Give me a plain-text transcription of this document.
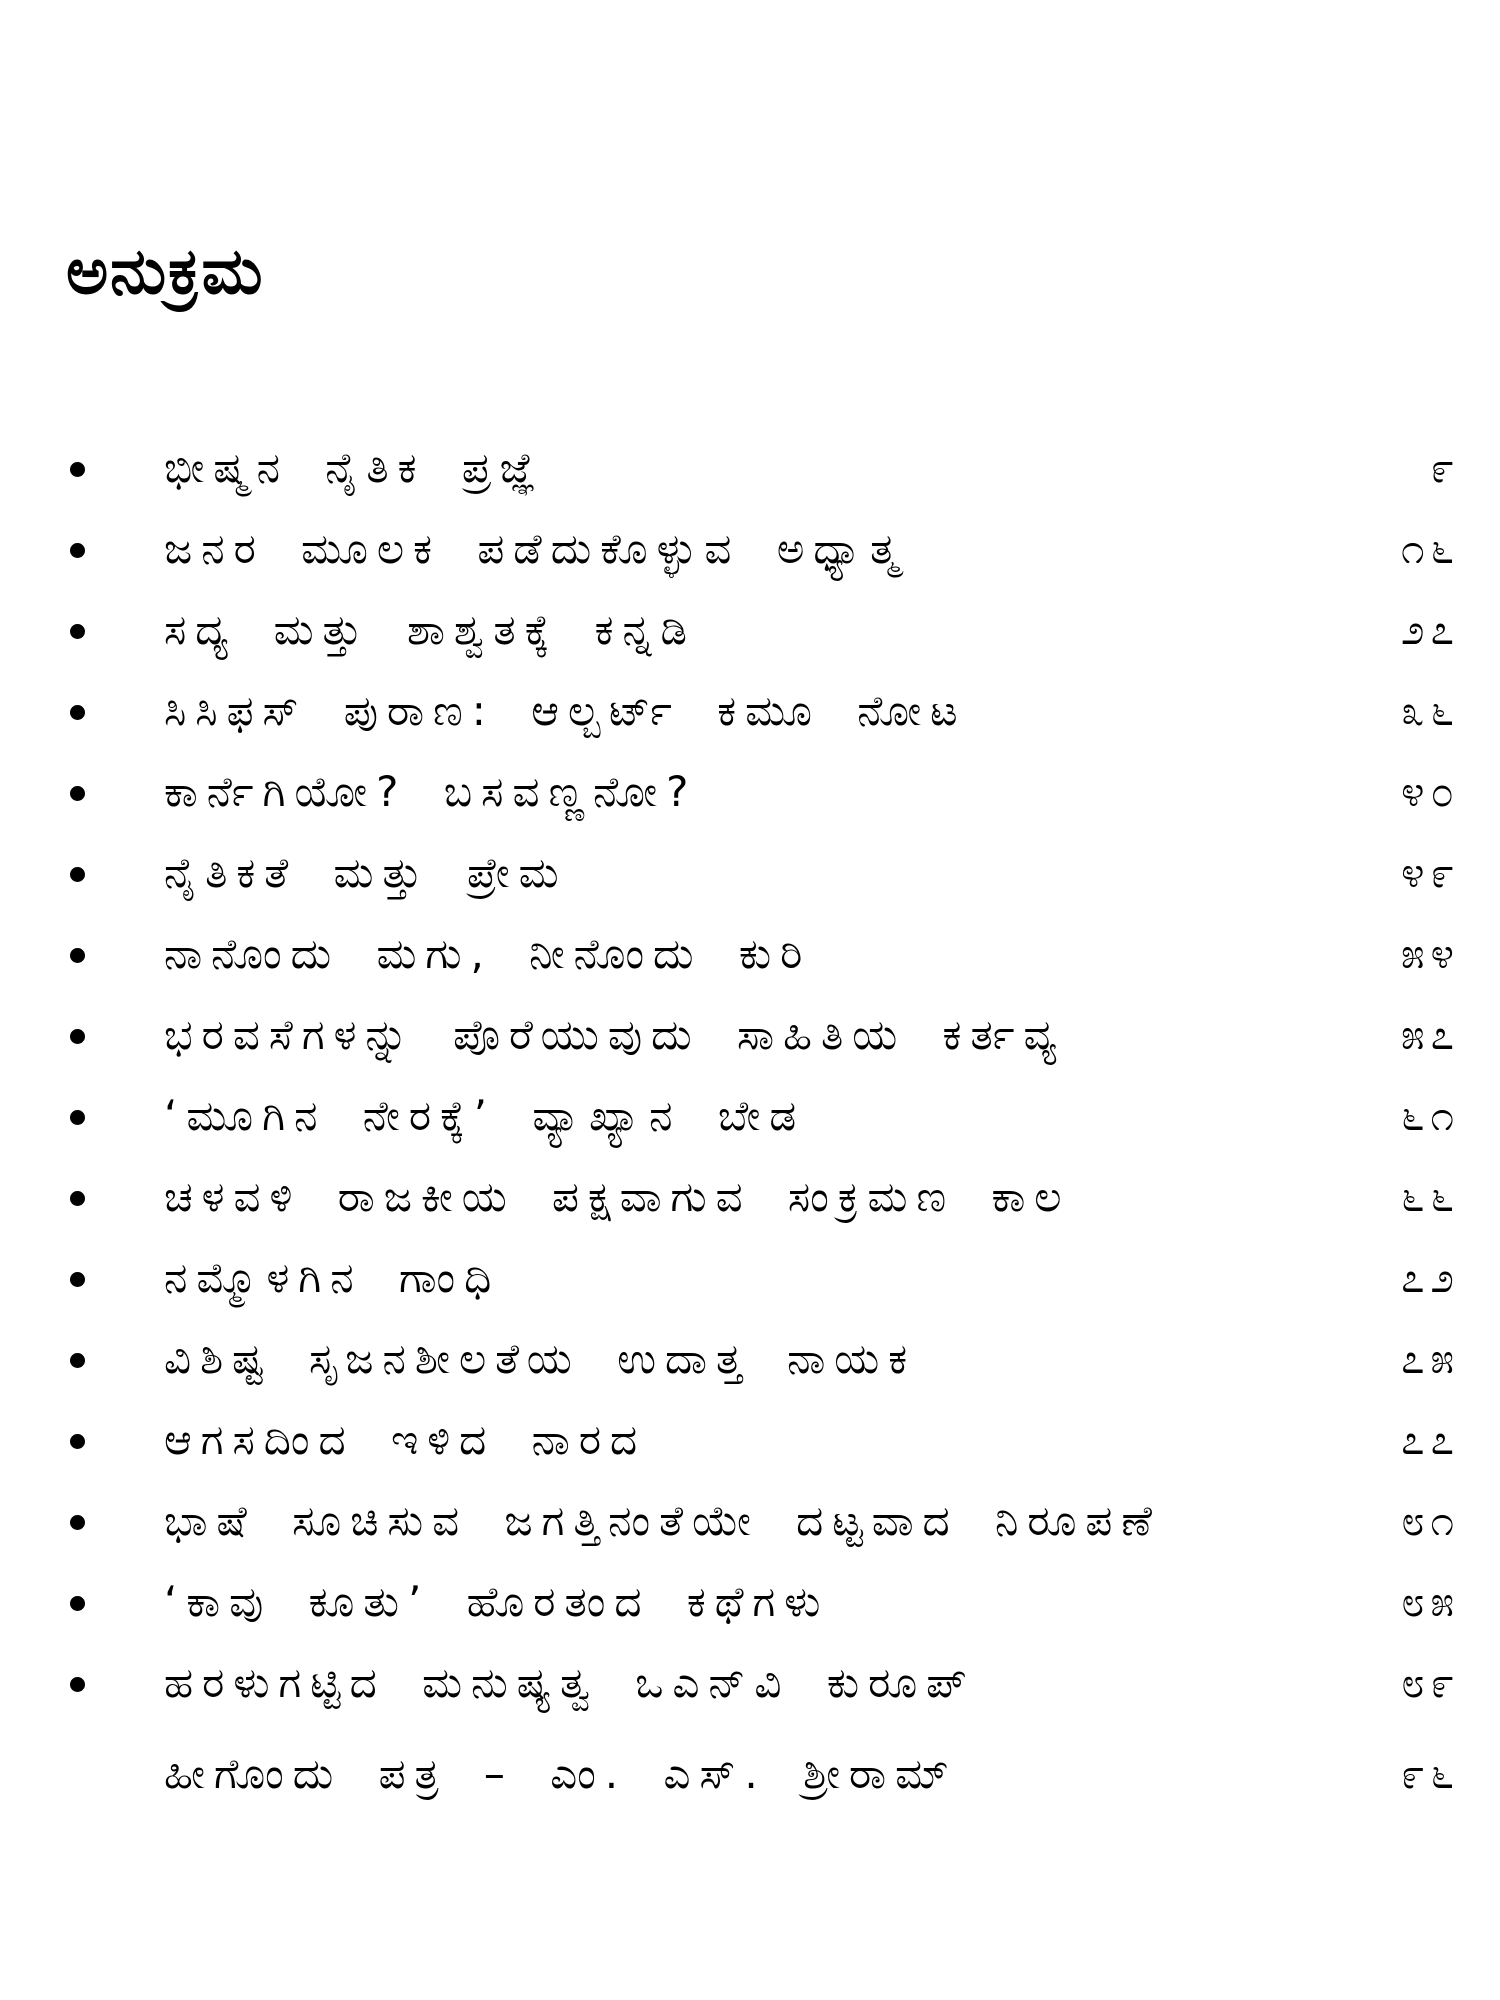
ಅನುಕ್ರಮ
ಭೀಷ್ಮನ ನೈತಿಕ ಪ್ರಜ್ಞೆ	೯
ಜನರ ಮೂಲಕ ಪಡೆದುಕೊಳ್ಳುವ ಅಧ್ಯಾತ್ಮ	೧೬
ಸದ್ಯ ಮತ್ತು ಶಾಶ್ವತಕ್ಕೆ ಕನ್ನಡಿ	೨೭
ಸಿಸಿಫಸ್ ಪುರಾಣ: ಆಲ್ಬರ್ಟ್ ಕಮೂ ನೋಟ	೩೬
ಕಾರ್ನೆಗಿಯೋ? ಬಸವಣ್ಣನೋ?	೪೦
ನೈತಿಕತೆ ಮತ್ತು ಪ್ರೇಮ	೪೯
ನಾನೊಂದು ಮಗು, ನೀನೊಂದು ಕುರಿ	೫೪
ಭರವಸೆಗಳನ್ನು ಪೊರೆಯುವುದು ಸಾಹಿತಿಯ ಕರ್ತವ್ಯ	೫೭
‘ಮೂಗಿನ ನೇರಕ್ಕೆ’ ವ್ಯಾಖ್ಯಾನ ಬೇಡ	೬೧
ಚಳವಳಿ ರಾಜಕೀಯ ಪಕ್ಷವಾಗುವ ಸಂಕ್ರಮಣ ಕಾಲ	೬೬
ನಮ್ಮೊಳಗಿನ ಗಾಂಧಿ	೭೨
ವಿಶಿಷ್ಟ ಸೃಜನಶೀಲತೆಯ ಉದಾತ್ತ ನಾಯಕ	೭೫
ಆಗಸದಿಂದ ಇಳಿದ ನಾರದ	೭೭
ಭಾಷೆ ಸೂಚಿಸುವ ಜಗತ್ತಿನಂತೆಯೇ ದಟ್ಟವಾದ ನಿರೂಪಣೆ	೮೧
‘ಕಾವು ಕೂತು’ ಹೊರತಂದ ಕಥೆಗಳು	೮೫
ಹರಳುಗಟ್ಟಿದ ಮನುಷ್ಯತ್ವ ಒಎನ್‌ವಿ ಕುರೂಪ್	೮೯
ಹೀಗೊಂದು ಪತ್ರ – ಎಂ. ಎಸ್. ಶ್ರೀರಾಮ್	೯೬
